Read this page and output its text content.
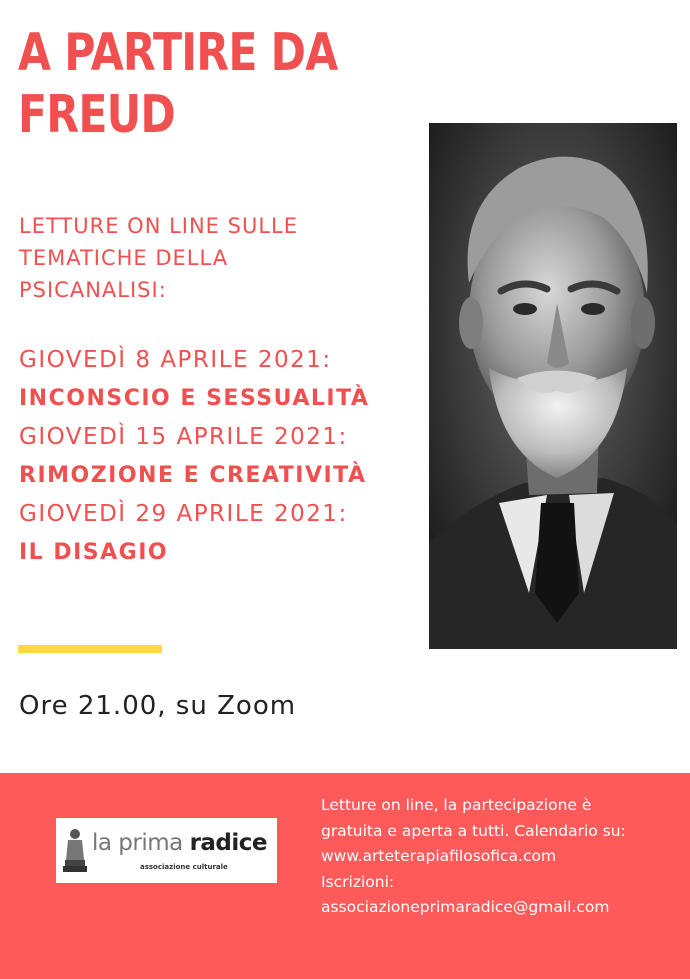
A PARTIRE DA
FREUD
LETTURE ON LINE SULLE
TEMATICHE DELLA
PSICANALISI:
GIOVEDÌ 8 APRILE 2021:
INCONSCIO E SESSUALITÀ
GIOVEDÌ 15 APRILE 2021:
RIMOZIONE E CREATIVITÀ
GIOVEDÌ 29 APRILE 2021:
IL DISAGIO
Ore 21.00, su Zoom
la prima radice
associazione culturale
Letture on line, la partecipazione è
gratuita e aperta a tutti. Calendario su:
www.arteterapiafilosofica.com
Iscrizioni:
associazioneprimaradice@gmail.com
